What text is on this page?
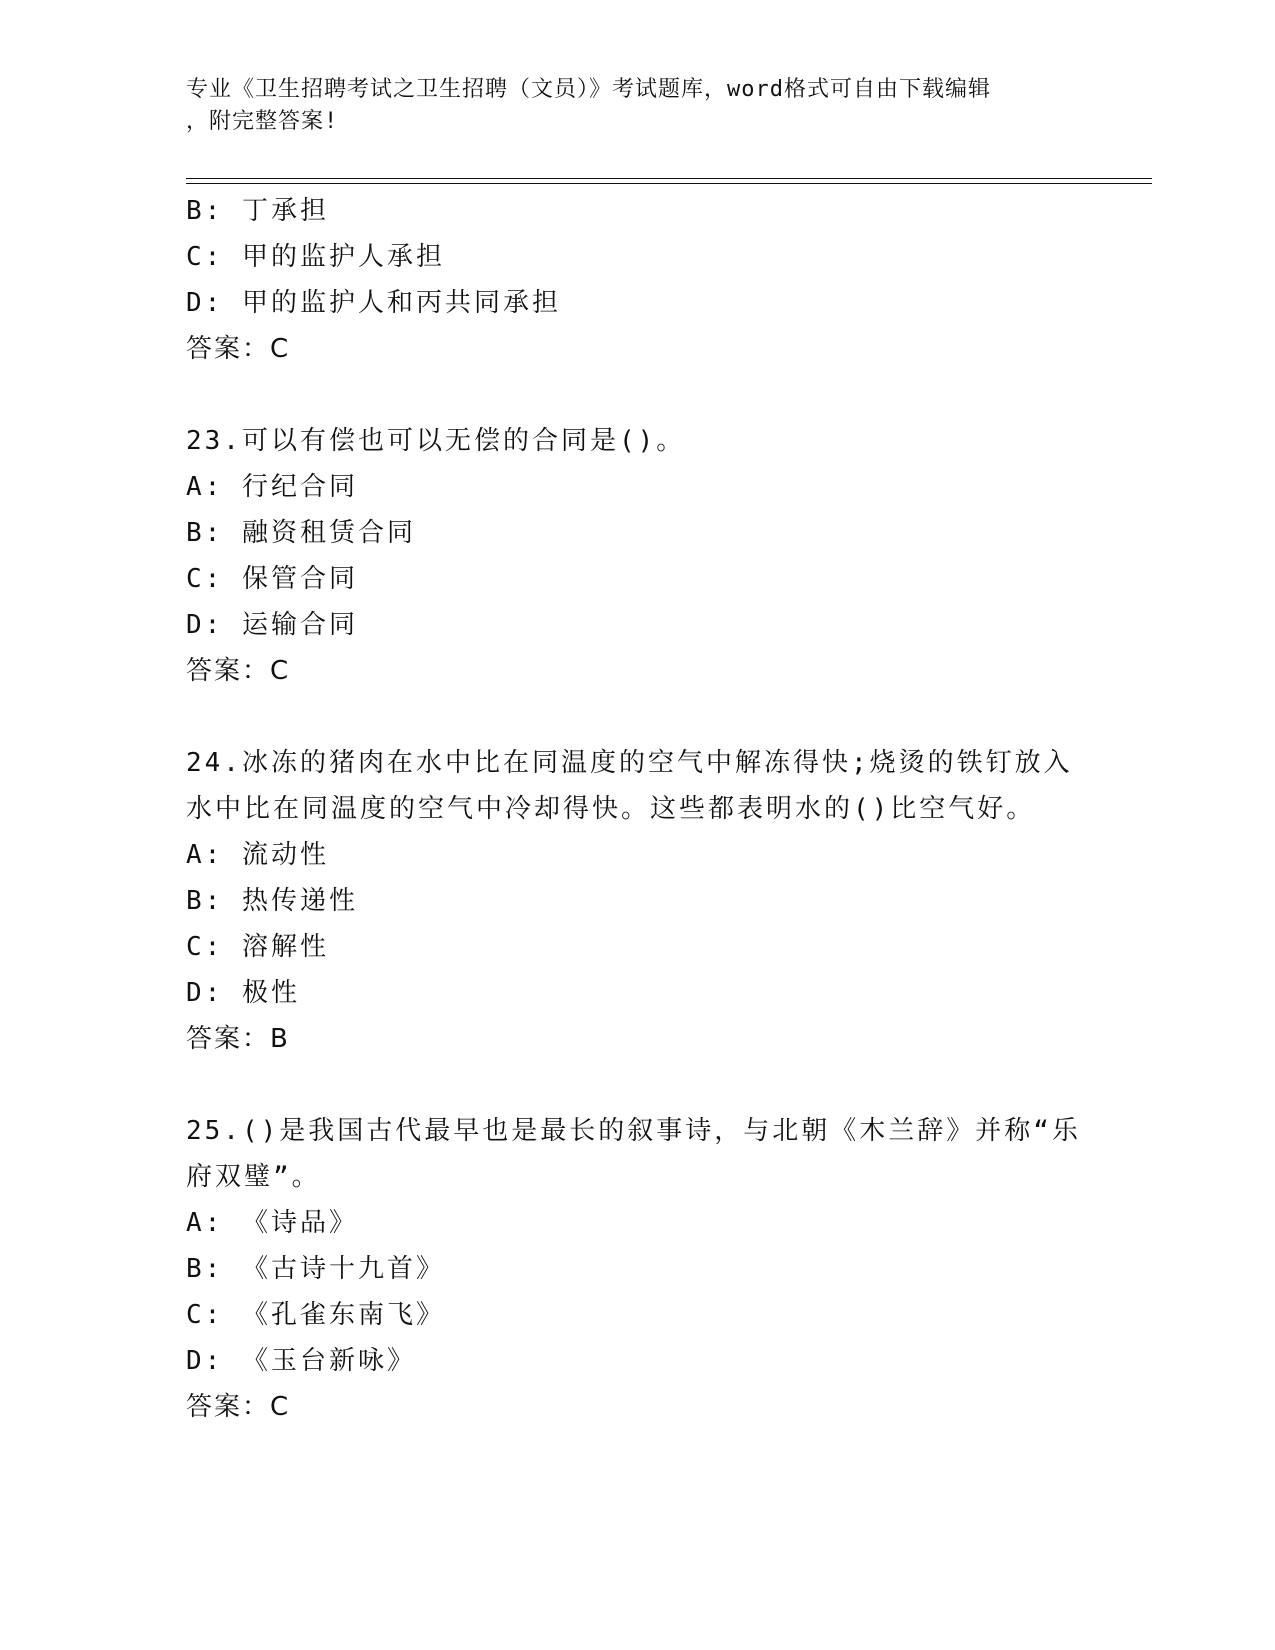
专业《卫生招聘考试之卫生招聘（文员）》考试题库，word格式可自由下载编辑
，附完整答案!
B: 丁承担
C: 甲的监护人承担
D: 甲的监护人和丙共同承担
答案：C
23.可以有偿也可以无偿的合同是()。
A: 行纪合同
B: 融资租赁合同
C: 保管合同
D: 运输合同
答案：C
24.冰冻的猪肉在水中比在同温度的空气中解冻得快;烧烫的铁钉放入
水中比在同温度的空气中冷却得快。这些都表明水的()比空气好。
A: 流动性
B: 热传递性
C: 溶解性
D: 极性
答案：B
25.()是我国古代最早也是最长的叙事诗，与北朝《木兰辞》并称“乐
府双璧”。
A: 《诗品》
B: 《古诗十九首》
C: 《孔雀东南飞》
D: 《玉台新咏》
答案：C
